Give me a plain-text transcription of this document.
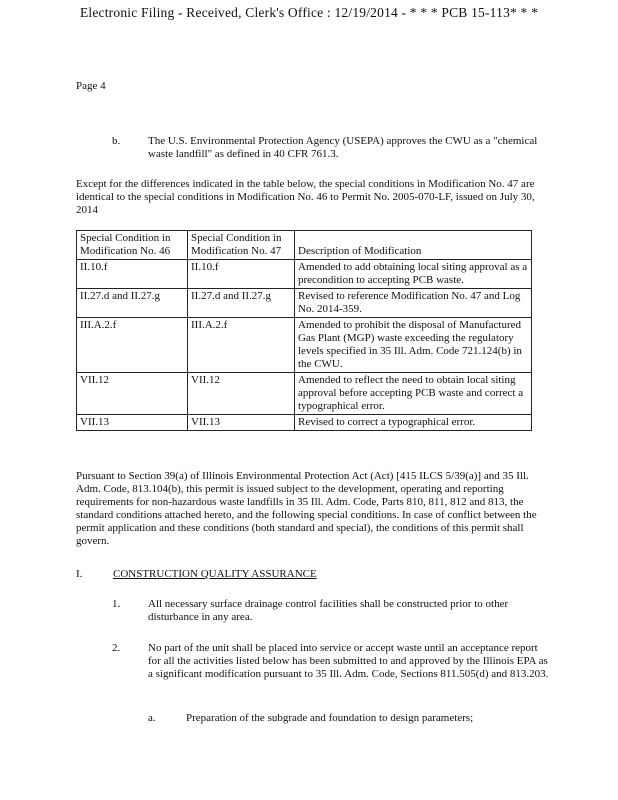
Electronic Filing - Received, Clerk's Office : 12/19/2014 - * * * PCB 15-113* * *
Page 4
b.	The U.S. Environmental Protection Agency (USEPA) approves the CWU as a "chemical waste landfill" as defined in 40 CFR 761.3.
Except for the differences indicated in the table below, the special conditions in Modification No. 47 are identical to the special conditions in Modification No. 46 to Permit No. 2005-070-LF, issued on July 30, 2014
Special Condition in Modification No. 46	Special Condition in Modification No. 47	Description of Modification
II.10.f	II.10.f	Amended to add obtaining local siting approval as a precondition to accepting PCB waste.
II.27.d and II.27.g	II.27.d and II.27.g	Revised to reference Modification No. 47 and Log No. 2014-359.
III.A.2.f	III.A.2.f	Amended to prohibit the disposal of Manufactured Gas Plant (MGP) waste exceeding the regulatory levels specified in 35 Ill. Adm. Code 721.124(b) in the CWU.
VII.12	VII.12	Amended to reflect the need to obtain local siting approval before accepting PCB waste and correct a typographical error.
VII.13	VII.13	Revised to correct a typographical error.
Pursuant to Section 39(a) of Illinois Environmental Protection Act (Act) [415 ILCS 5/39(a)] and 35 Ill. Adm. Code, 813.104(b), this permit is issued subject to the development, operating and reporting requirements for non-hazardous waste landfills in 35 Ill. Adm. Code, Parts 810, 811, 812 and 813, the standard conditions attached hereto, and the following special conditions. In case of conflict between the permit application and these conditions (both standard and special), the conditions of this permit shall govern.
I.	CONSTRUCTION QUALITY ASSURANCE
1.	All necessary surface drainage control facilities shall be constructed prior to other disturbance in any area.
2.	No part of the unit shall be placed into service or accept waste until an acceptance report for all the activities listed below has been submitted to and approved by the Illinois EPA as a significant modification pursuant to 35 Ill. Adm. Code, Sections 811.505(d) and 813.203.
a.	Preparation of the subgrade and foundation to design parameters;
